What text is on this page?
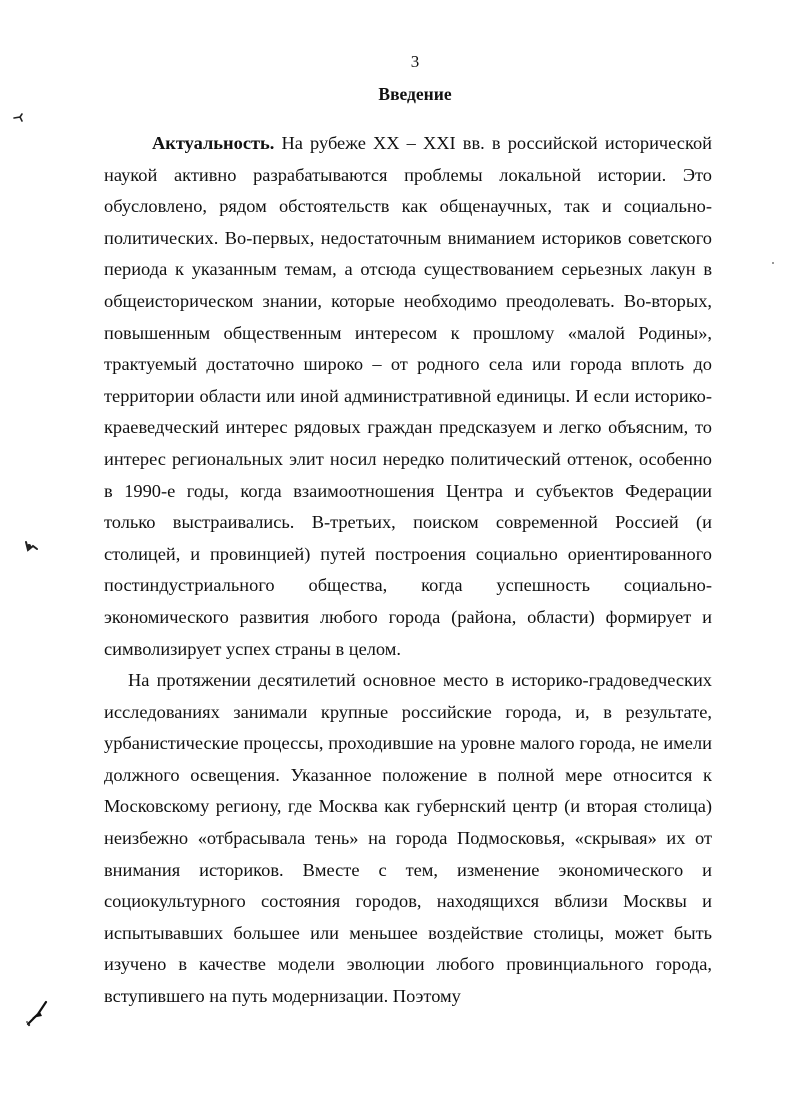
3
Введение

Актуальность. На рубеже XX – XXI вв. в российской исторической наукой активно разрабатываются проблемы локальной истории. Это обусловлено, рядом обстоятельств как общенаучных, так и социально-политических. Во-первых, недостаточным вниманием историков советского периода к указанным темам, а отсюда существованием серьезных лакун в общеисторическом знании, которые необходимо преодолевать. Во-вторых, повышенным общественным интересом к прошлому «малой Родины», трактуемый достаточно широко – от родного села или города вплоть до территории области или иной административной единицы. И если историко-краеведческий интерес рядовых граждан предсказуем и легко объясним, то интерес региональных элит носил нередко политический оттенок, особенно в 1990-е годы, когда взаимоотношения Центра и субъектов Федерации только выстраивались. В-третьих, поиском современной Россией (и столицей, и провинцией) путей построения социально ориентированного постиндустриального общества, когда успешность социально-экономического развития любого города (района, области) формирует и символизирует успех страны в целом.

На протяжении десятилетий основное место в историко-градоведческих исследованиях занимали крупные российские города, и, в результате, урбанистические процессы, проходившие на уровне малого города, не имели должного освещения. Указанное положение в полной мере относится к Московскому региону, где Москва как губернский центр (и вторая столица) неизбежно «отбрасывала тень» на города Подмосковья, «скрывая» их от внимания историков. Вместе с тем, изменение экономического и социокультурного состояния городов, находящихся вблизи Москвы и испытывавших большее или меньшее воздействие столицы, может быть изучено в качестве модели эволюции любого провинциального города, вступившего на путь модернизации. Поэтому
